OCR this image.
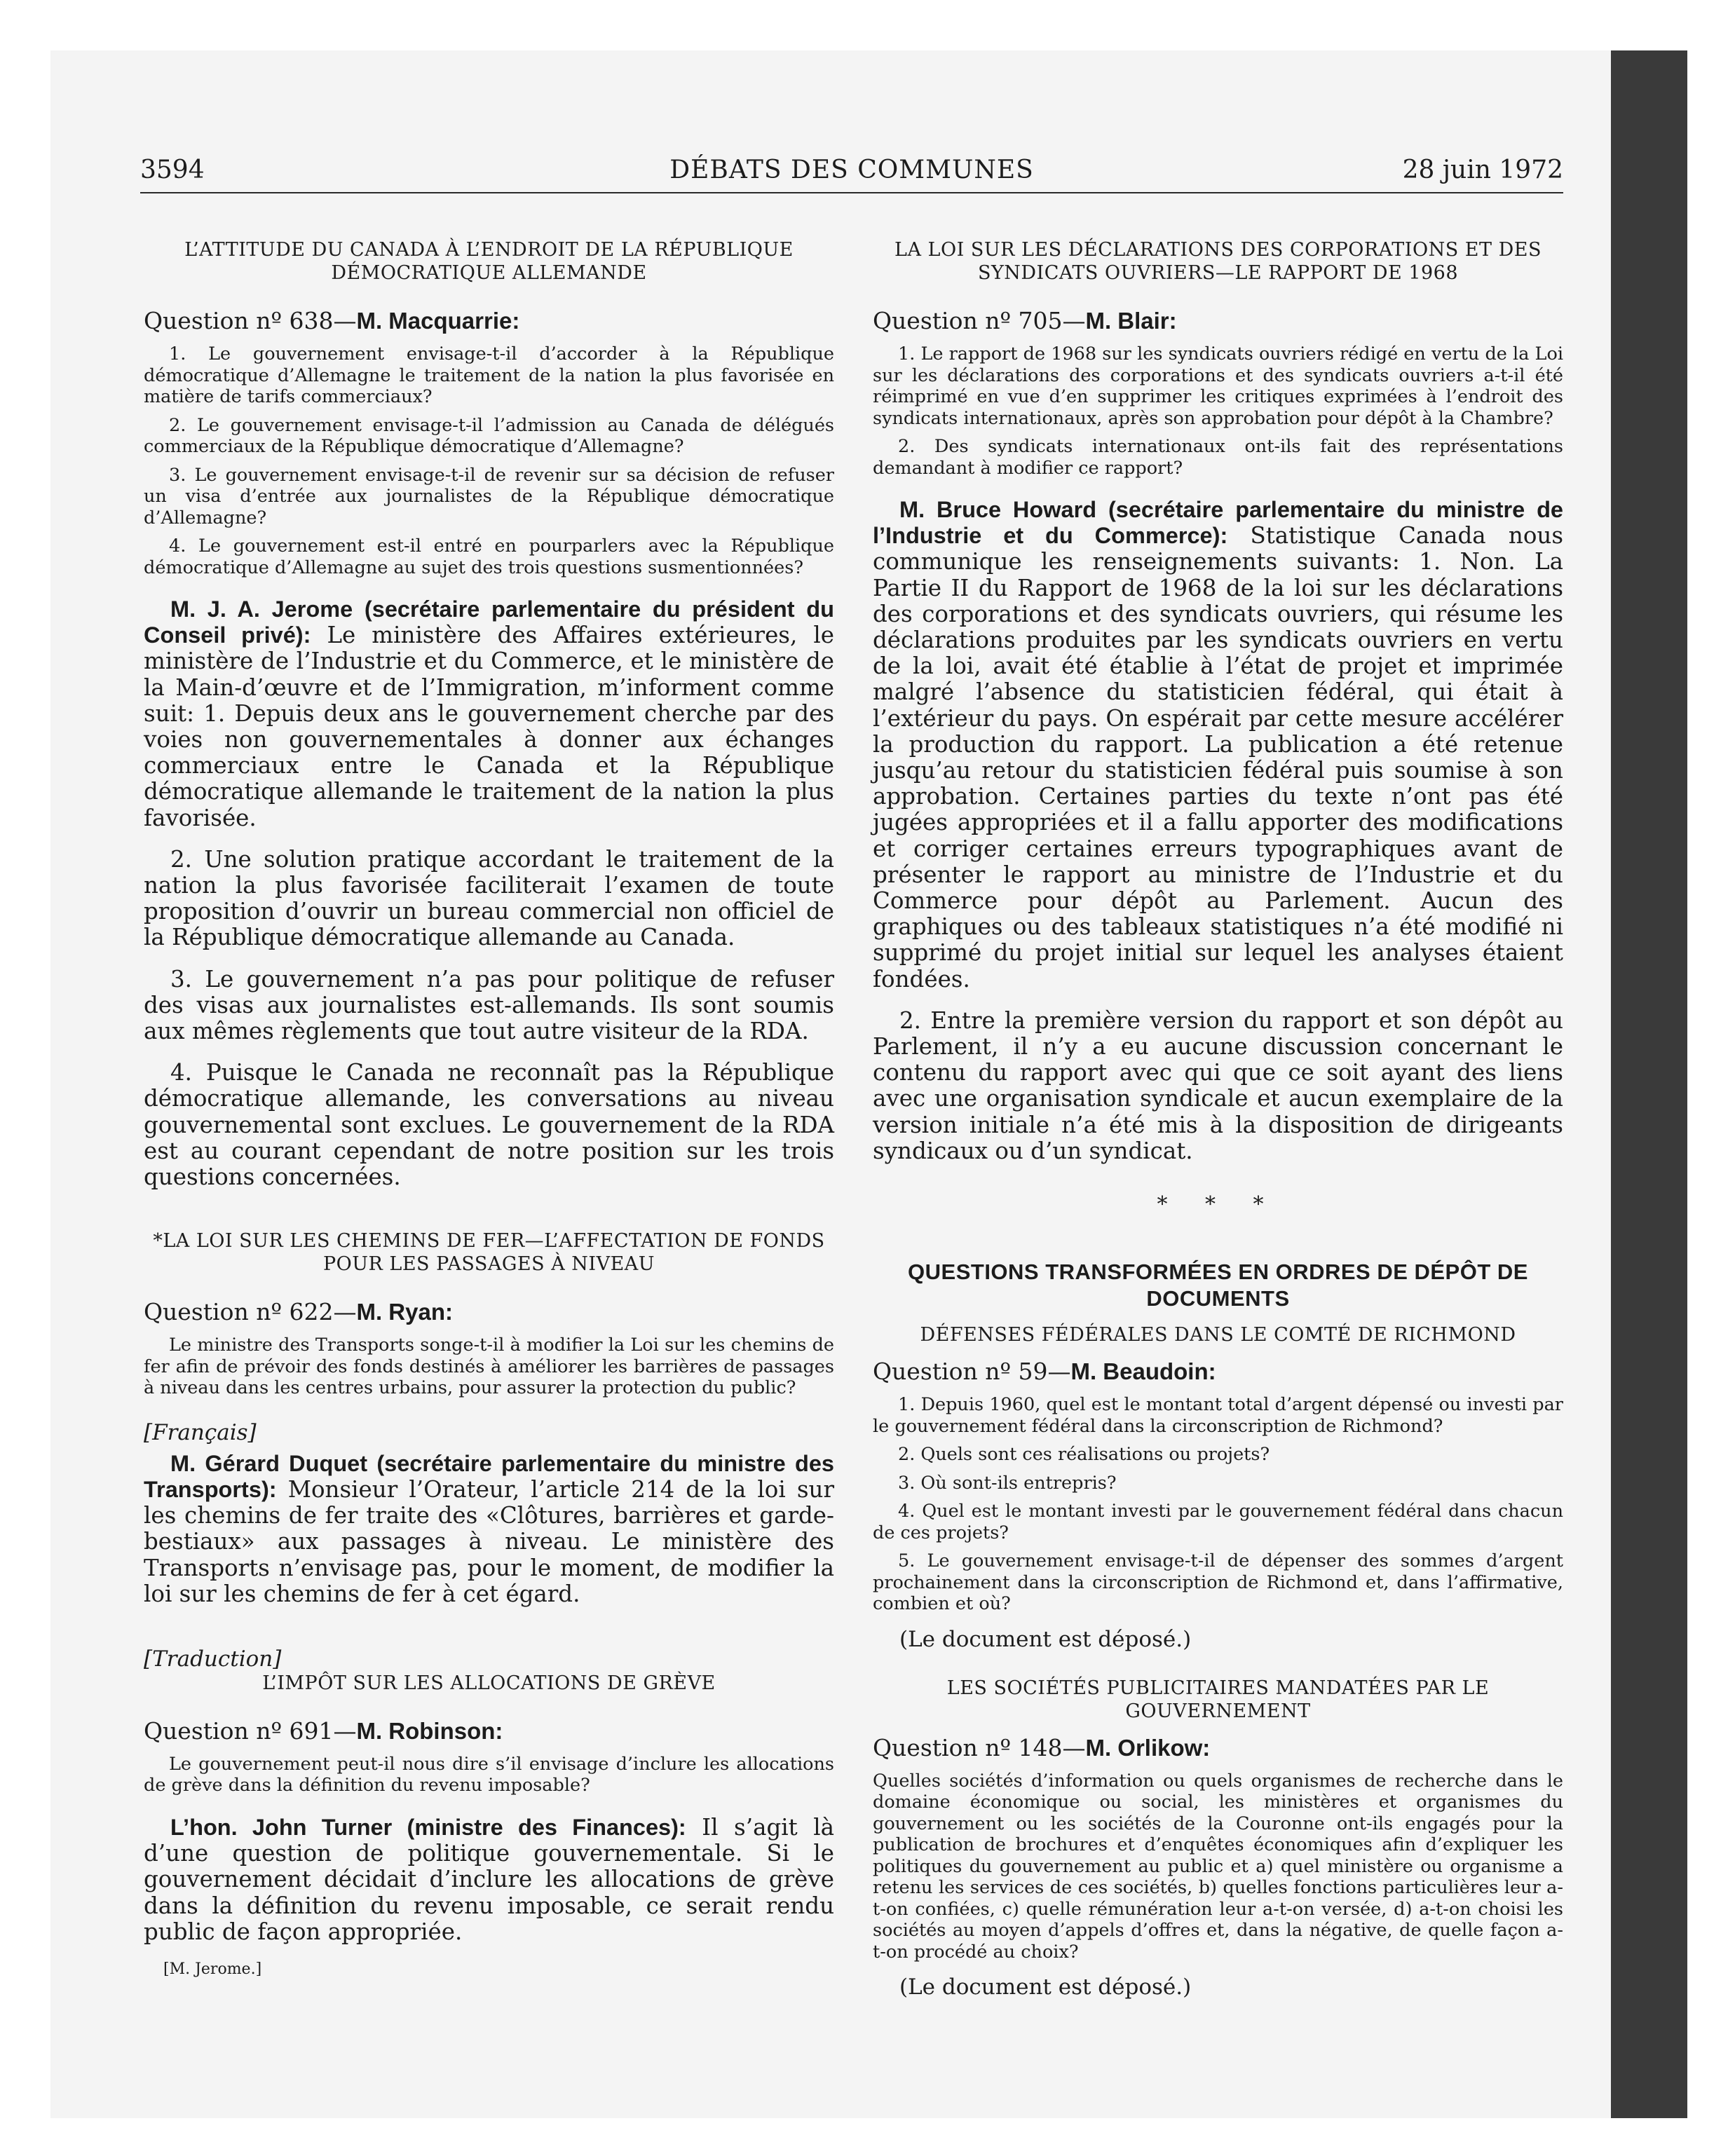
3594	DÉBATS DES COMMUNES	28 juin 1972
L’ATTITUDE DU CANADA À L’ENDROIT DE LA RÉPUBLIQUE DÉMOCRATIQUE ALLEMANDE
Question nº 638—M. Macquarrie:

1. Le gouvernement envisage-t-il d’accorder à la République démocratique d’Allemagne le traitement de la nation la plus favorisée en matière de tarifs commerciaux?

2. Le gouvernement envisage-t-il l’admission au Canada de délégués commerciaux de la République démocratique d’Allemagne?

3. Le gouvernement envisage-t-il de revenir sur sa décision de refuser un visa d’entrée aux journalistes de la République démocratique d’Allemagne?

4. Le gouvernement est-il entré en pourparlers avec la République démocratique d’Allemagne au sujet des trois questions susmentionnées?

M. J. A. Jerome (secrétaire parlementaire du président du Conseil privé): Le ministère des Affaires extérieures, le ministère de l’Industrie et du Commerce, et le ministère de la Main-d’œuvre et de l’Immigration, m’informent comme suit: 1. Depuis deux ans le gouvernement cherche par des voies non gouvernementales à donner aux échanges commerciaux entre le Canada et la République démocratique allemande le traitement de la nation la plus favorisée.

2. Une solution pratique accordant le traitement de la nation la plus favorisée faciliterait l’examen de toute proposition d’ouvrir un bureau commercial non officiel de la République démocratique allemande au Canada.

3. Le gouvernement n’a pas pour politique de refuser des visas aux journalistes est-allemands. Ils sont soumis aux mêmes règlements que tout autre visiteur de la RDA.

4. Puisque le Canada ne reconnaît pas la République démocratique allemande, les conversations au niveau gouvernemental sont exclues. Le gouvernement de la RDA est au courant cependant de notre position sur les trois questions concernées.

*LA LOI SUR LES CHEMINS DE FER—L’AFFECTATION DE FONDS POUR LES PASSAGES À NIVEAU
Question nº 622—M. Ryan:

Le ministre des Transports songe-t-il à modifier la Loi sur les chemins de fer afin de prévoir des fonds destinés à améliorer les barrières de passages à niveau dans les centres urbains, pour assurer la protection du public?

[Français]

M. Gérard Duquet (secrétaire parlementaire du ministre des Transports): Monsieur l’Orateur, l’article 214 de la loi sur les chemins de fer traite des «Clôtures, barrières et garde-bestiaux» aux passages à niveau. Le ministère des Transports n’envisage pas, pour le moment, de modifier la loi sur les chemins de fer à cet égard.

[Traduction]
L’IMPÔT SUR LES ALLOCATIONS DE GRÈVE
Question nº 691—M. Robinson:

Le gouvernement peut-il nous dire s’il envisage d’inclure les allocations de grève dans la définition du revenu imposable?

L’hon. John Turner (ministre des Finances): Il s’agit là d’une question de politique gouvernementale. Si le gouvernement décidait d’inclure les allocations de grève dans la définition du revenu imposable, ce serait rendu public de façon appropriée.

[M. Jerome.]
LA LOI SUR LES DÉCLARATIONS DES CORPORATIONS ET DES SYNDICATS OUVRIERS—LE RAPPORT DE 1968
Question nº 705—M. Blair:

1. Le rapport de 1968 sur les syndicats ouvriers rédigé en vertu de la Loi sur les déclarations des corporations et des syndicats ouvriers a-t-il été réimprimé en vue d’en supprimer les critiques exprimées à l’endroit des syndicats internationaux, après son approbation pour dépôt à la Chambre?

2. Des syndicats internationaux ont-ils fait des représentations demandant à modifier ce rapport?

M. Bruce Howard (secrétaire parlementaire du ministre de l’Industrie et du Commerce): Statistique Canada nous communique les renseignements suivants: 1. Non. La Partie II du Rapport de 1968 de la loi sur les déclarations des corporations et des syndicats ouvriers, qui résume les déclarations produites par les syndicats ouvriers en vertu de la loi, avait été établie à l’état de projet et imprimée malgré l’absence du statisticien fédéral, qui était à l’extérieur du pays. On espérait par cette mesure accélérer la production du rapport. La publication a été retenue jusqu’au retour du statisticien fédéral puis soumise à son approbation. Certaines parties du texte n’ont pas été jugées appropriées et il a fallu apporter des modifications et corriger certaines erreurs typographiques avant de présenter le rapport au ministre de l’Industrie et du Commerce pour dépôt au Parlement. Aucun des graphiques ou des tableaux statistiques n’a été modifié ni supprimé du projet initial sur lequel les analyses étaient fondées.

2. Entre la première version du rapport et son dépôt au Parlement, il n’y a eu aucune discussion concernant le contenu du rapport avec qui que ce soit ayant des liens avec une organisation syndicale et aucun exemplaire de la version initiale n’a été mis à la disposition de dirigeants syndicaux ou d’un syndicat.

* * *
QUESTIONS TRANSFORMÉES EN ORDRES DE DÉPÔT DE DOCUMENTS
DÉFENSES FÉDÉRALES DANS LE COMTÉ DE RICHMOND
Question nº 59—M. Beaudoin:

1. Depuis 1960, quel est le montant total d’argent dépensé ou investi par le gouvernement fédéral dans la circonscription de Richmond?

2. Quels sont ces réalisations ou projets?

3. Où sont-ils entrepris?

4. Quel est le montant investi par le gouvernement fédéral dans chacun de ces projets?

5. Le gouvernement envisage-t-il de dépenser des sommes d’argent prochainement dans la circonscription de Richmond et, dans l’affirmative, combien et où?

(Le document est déposé.)
LES SOCIÉTÉS PUBLICITAIRES MANDATÉES PAR LE GOUVERNEMENT
Question nº 148—M. Orlikow:

Quelles sociétés d’information ou quels organismes de recherche dans le domaine économique ou social, les ministères et organismes du gouvernement ou les sociétés de la Couronne ont-ils engagés pour la publication de brochures et d’enquêtes économiques afin d’expliquer les politiques du gouvernement au public et a) quel ministère ou organisme a retenu les services de ces sociétés, b) quelles fonctions particulières leur a-t-on confiées, c) quelle rémunération leur a-t-on versée, d) a-t-on choisi les sociétés au moyen d’appels d’offres et, dans la négative, de quelle façon a-t-on procédé au choix?

(Le document est déposé.)
